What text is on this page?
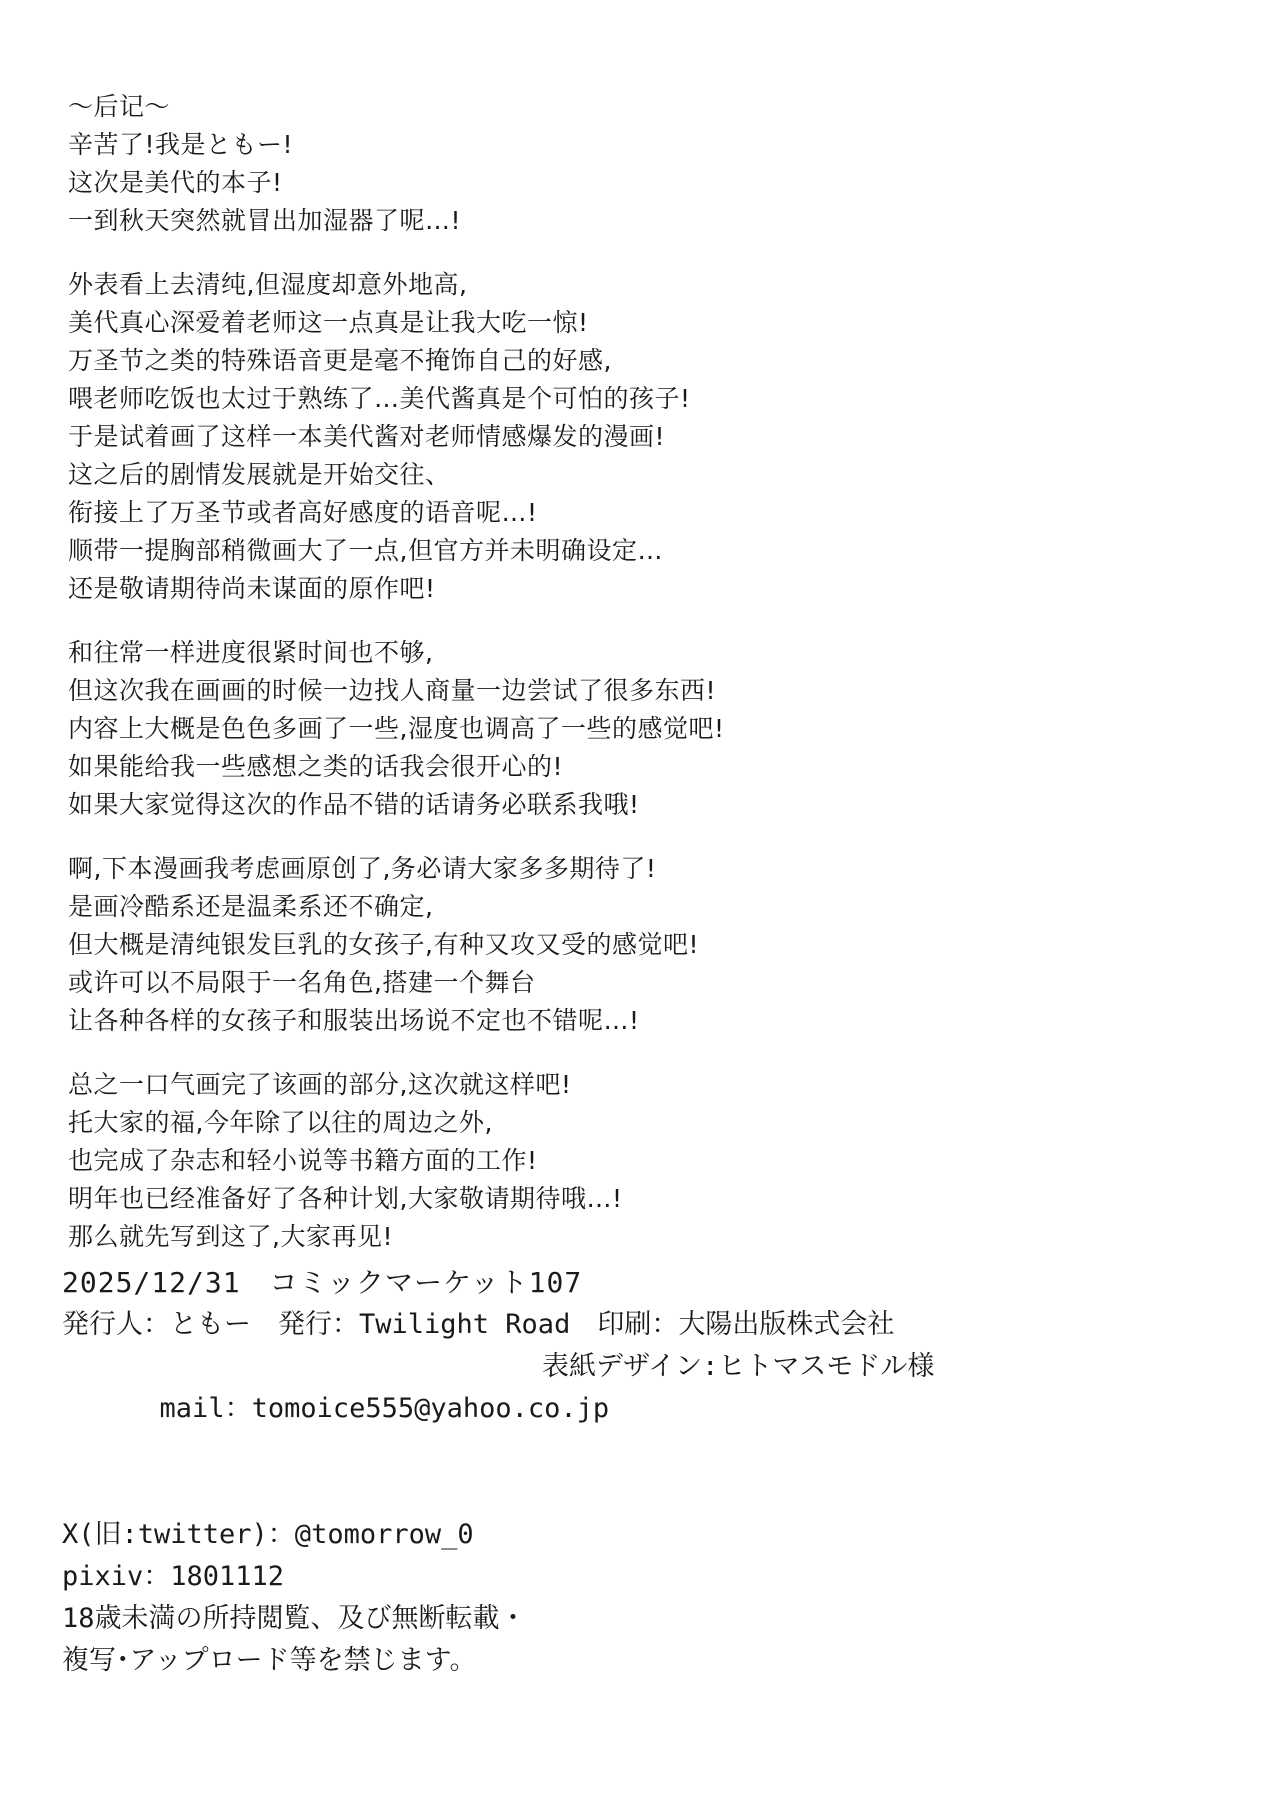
〜后记〜
辛苦了!我是ともー!
这次是美代的本子!
一到秋天突然就冒出加湿器了呢…!
外表看上去清纯,但湿度却意外地高,
美代真心深爱着老师这一点真是让我大吃一惊!
万圣节之类的特殊语音更是毫不掩饰自己的好感,
喂老师吃饭也太过于熟练了…美代酱真是个可怕的孩子!
于是试着画了这样一本美代酱对老师情感爆发的漫画!
这之后的剧情发展就是开始交往、
衔接上了万圣节或者高好感度的语音呢…!
顺带一提胸部稍微画大了一点,但官方并未明确设定…
还是敬请期待尚未谋面的原作吧!
和往常一样进度很紧时间也不够,
但这次我在画画的时候一边找人商量一边尝试了很多东西!
内容上大概是色色多画了一些,湿度也调高了一些的感觉吧!
如果能给我一些感想之类的话我会很开心的!
如果大家觉得这次的作品不错的话请务必联系我哦!
啊,下本漫画我考虑画原创了,务必请大家多多期待了!
是画冷酷系还是温柔系还不确定,
但大概是清纯银发巨乳的女孩子,有种又攻又受的感觉吧!
或许可以不局限于一名角色,搭建一个舞台
让各种各样的女孩子和服装出场说不定也不错呢…!
总之一口气画完了该画的部分,这次就这样吧!
托大家的福,今年除了以往的周边之外,
也完成了杂志和轻小说等书籍方面的工作!
明年也已经准备好了各种计划,大家敬请期待哦…!
那么就先写到这了,大家再见!
2025/12/31　コミックマーケット107
発行人：ともー　発行：Twilight Road　印刷：大陽出版株式会社

mail：tomoice555@yahoo.co.jp

表紙デザイン:ヒトマスモドル様

X(旧:twitter)：@tomorrow_0
pixiv：1801112
18歳未満の所持閲覧、及び無断転載・
複写･アップロード等を禁じます。
